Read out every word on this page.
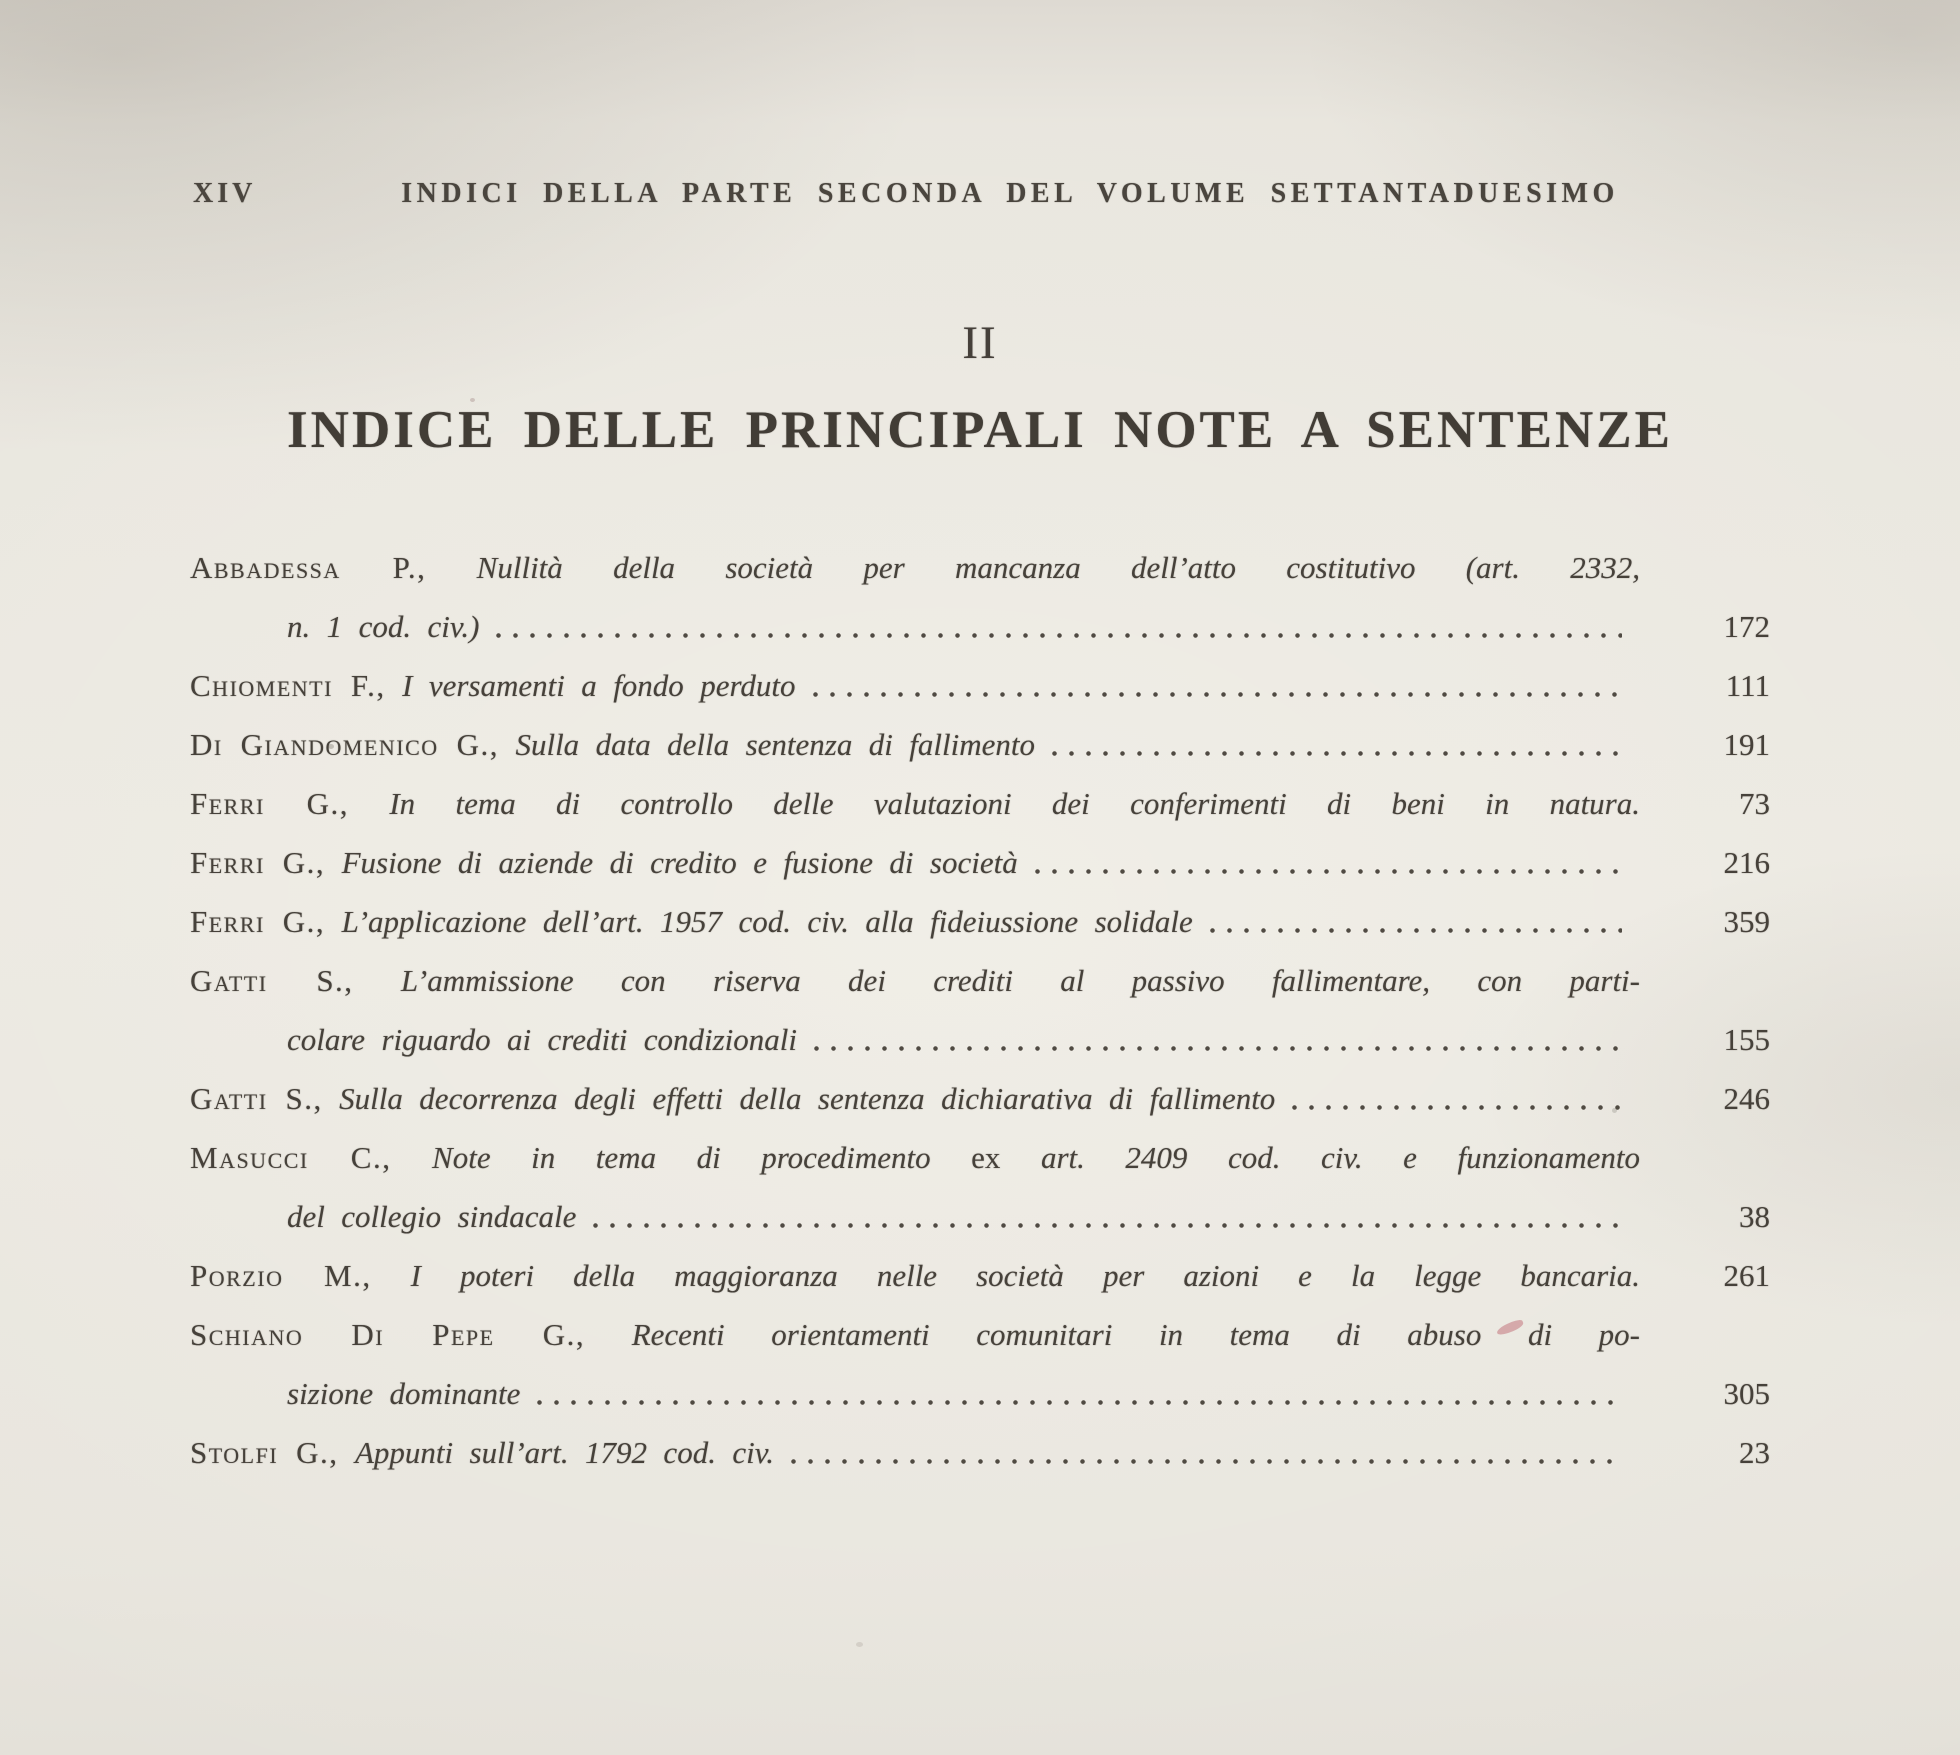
XIV	INDICI DELLA PARTE SECONDA DEL VOLUME SETTANTADUESIMO
II
INDICE DELLE PRINCIPALI NOTE A SENTENZE
Abbadessa P., Nullità della società per mancanza dell’atto costitutivo (art. 2332,
n. 1 cod. civ.)	172
Chiomenti F., I versamenti a fondo perduto	111
Di Giandomenico G., Sulla data della sentenza di fallimento	191
Ferri G., In tema di controllo delle valutazioni dei conferimenti di beni in natura.	73
Ferri G., Fusione di aziende di credito e fusione di società	216
Ferri G., L’applicazione dell’art. 1957 cod. civ. alla fideiussione solidale	359
Gatti S., L’ammissione con riserva dei crediti al passivo fallimentare, con parti-
colare riguardo ai crediti condizionali	155
Gatti S., Sulla decorrenza degli effetti della sentenza dichiarativa di fallimento	246
Masucci C., Note in tema di procedimento ex art. 2409 cod. civ. e funzionamento
del collegio sindacale	38
Porzio M., I poteri della maggioranza nelle società per azioni e la legge bancaria.	261
Schiano Di Pepe G., Recenti orientamenti comunitari in tema di abuso di po-
sizione dominante	305
Stolfi G., Appunti sull’art. 1792 cod. civ.	23
